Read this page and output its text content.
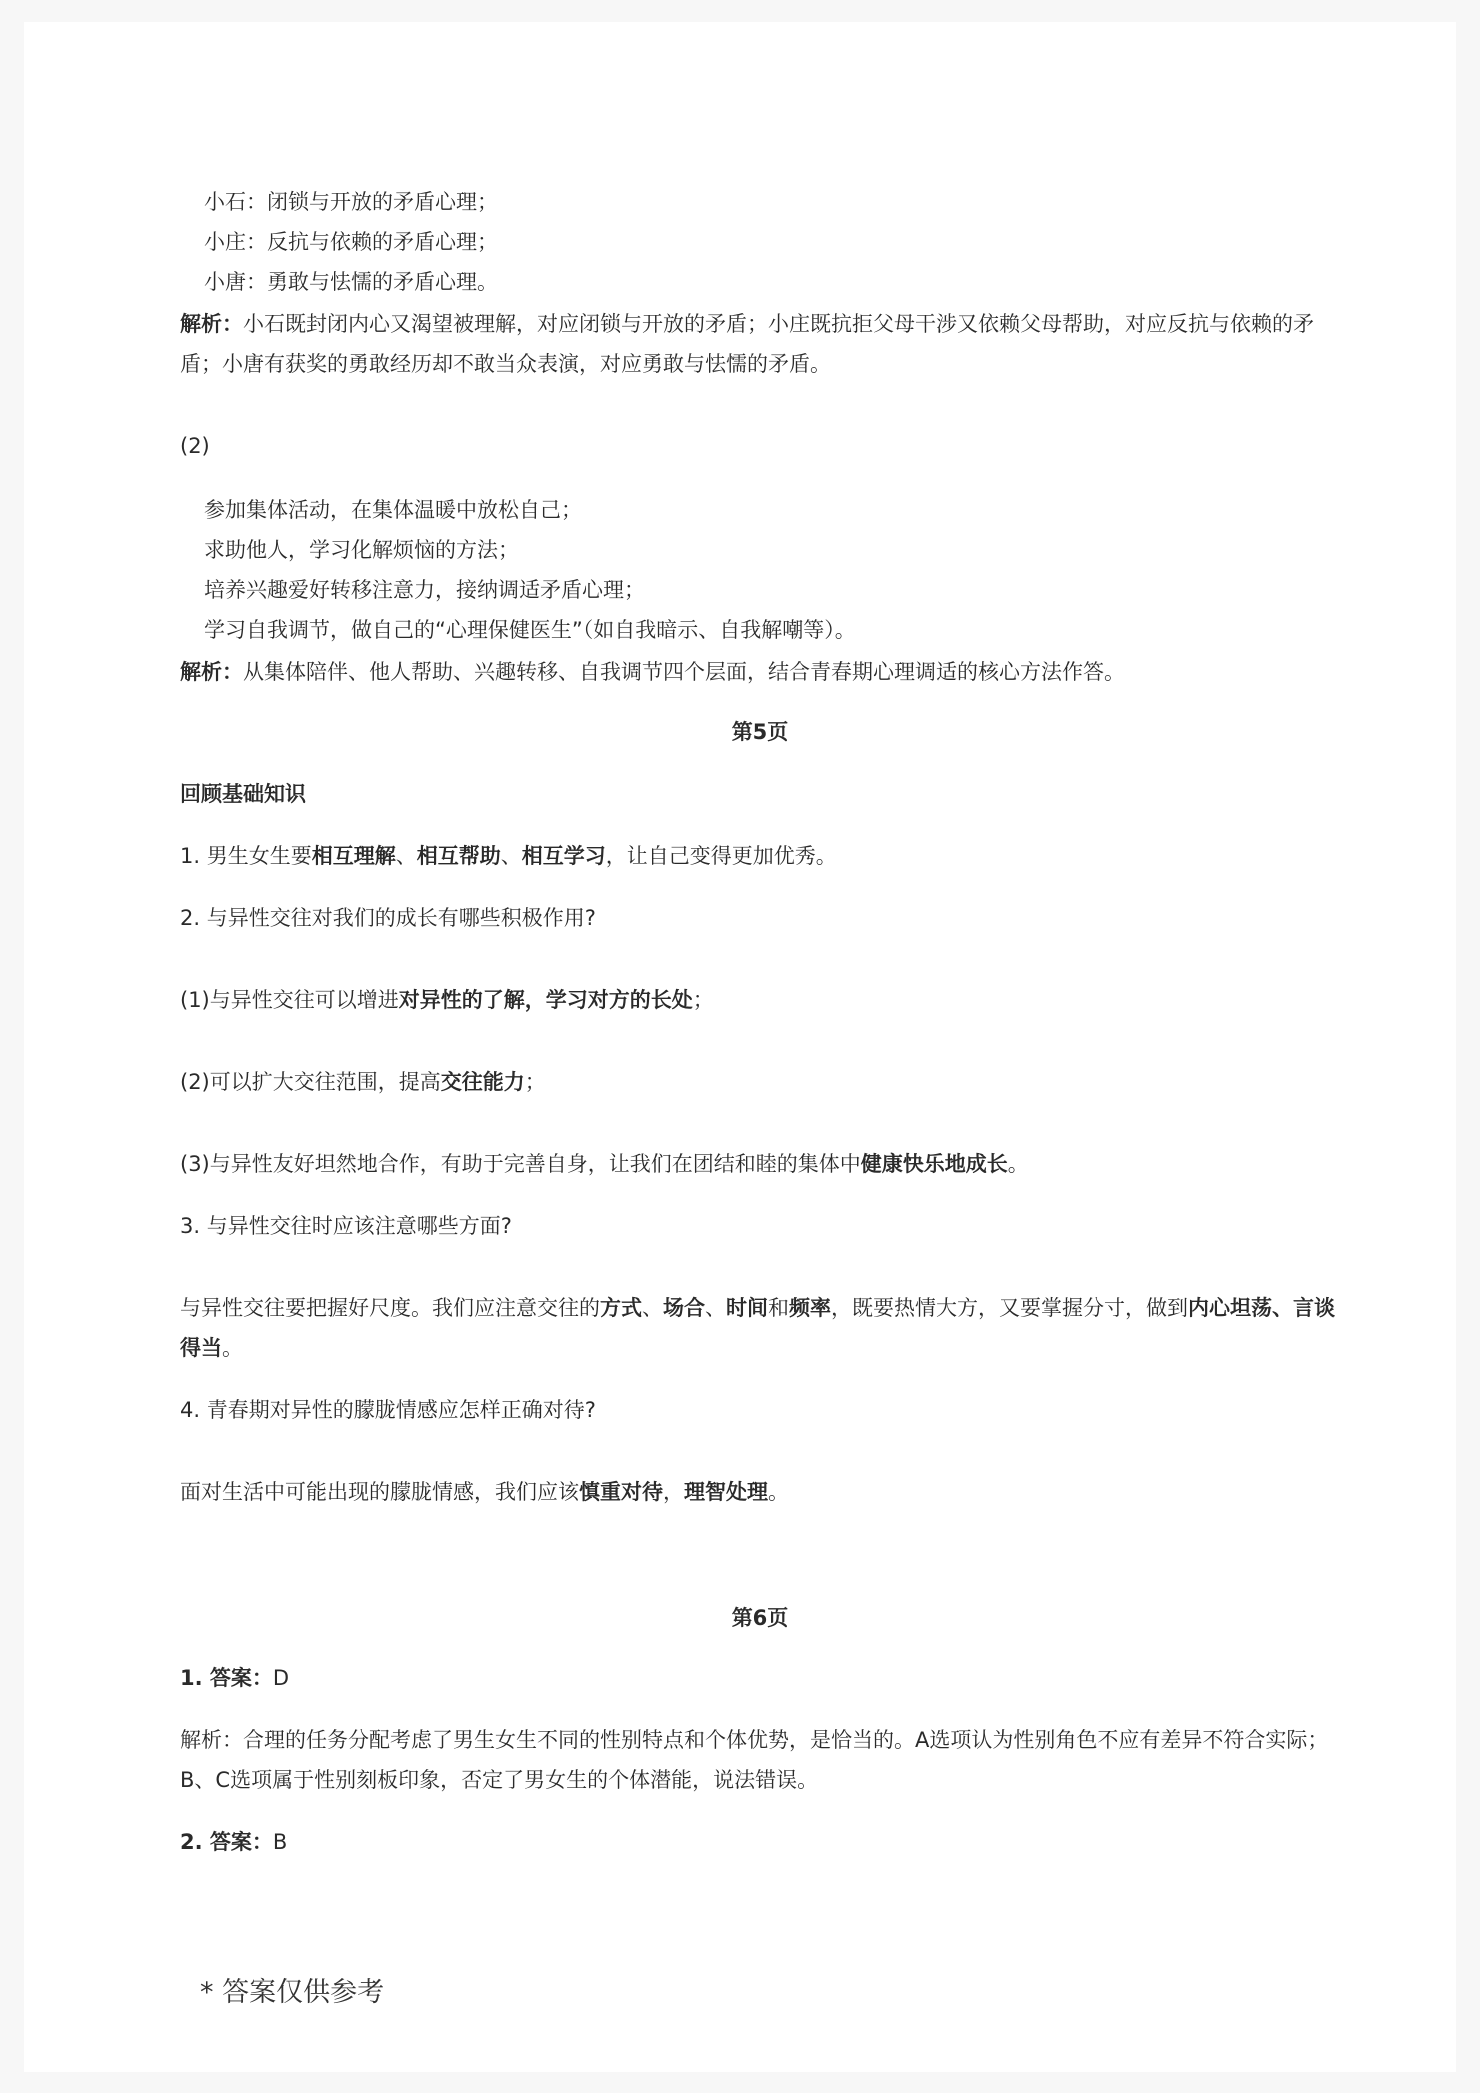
小石：闭锁与开放的矛盾心理；

小庄：反抗与依赖的矛盾心理；

小唐：勇敢与怯懦的矛盾心理。

解析：小石既封闭内心又渴望被理解，对应闭锁与开放的矛盾；小庄既抗拒父母干涉又依赖父母帮助，对应反抗与依赖的矛盾；小唐有获奖的勇敢经历却不敢当众表演，对应勇敢与怯懦的矛盾。

(2)

参加集体活动，在集体温暖中放松自己；

求助他人，学习化解烦恼的方法；

培养兴趣爱好转移注意力，接纳调适矛盾心理；

学习自我调节，做自己的“心理保健医生”（如自我暗示、自我解嘲等）。

解析：从集体陪伴、他人帮助、兴趣转移、自我调节四个层面，结合青春期心理调适的核心方法作答。

第5页

回顾基础知识

1. 男生女生要相互理解、相互帮助、相互学习，让自己变得更加优秀。

2. 与异性交往对我们的成长有哪些积极作用?

(1)与异性交往可以增进对异性的了解，学习对方的长处；

(2)可以扩大交往范围，提高交往能力；

(3)与异性友好坦然地合作，有助于完善自身，让我们在团结和睦的集体中健康快乐地成长。

3. 与异性交往时应该注意哪些方面?

与异性交往要把握好尺度。我们应注意交往的方式、场合、时间和频率，既要热情大方，又要掌握分寸，做到内心坦荡、言谈得当。

4. 青春期对异性的朦胧情感应怎样正确对待?

面对生活中可能出现的朦胧情感，我们应该慎重对待，理智处理。

第6页

1. 答案：D

解析：合理的任务分配考虑了男生女生不同的性别特点和个体优势，是恰当的。A选项认为性别角色不应有差异不符合实际；B、C选项属于性别刻板印象，否定了男女生的个体潜能，说法错误。

2. 答案：B

* 答案仅供参考
